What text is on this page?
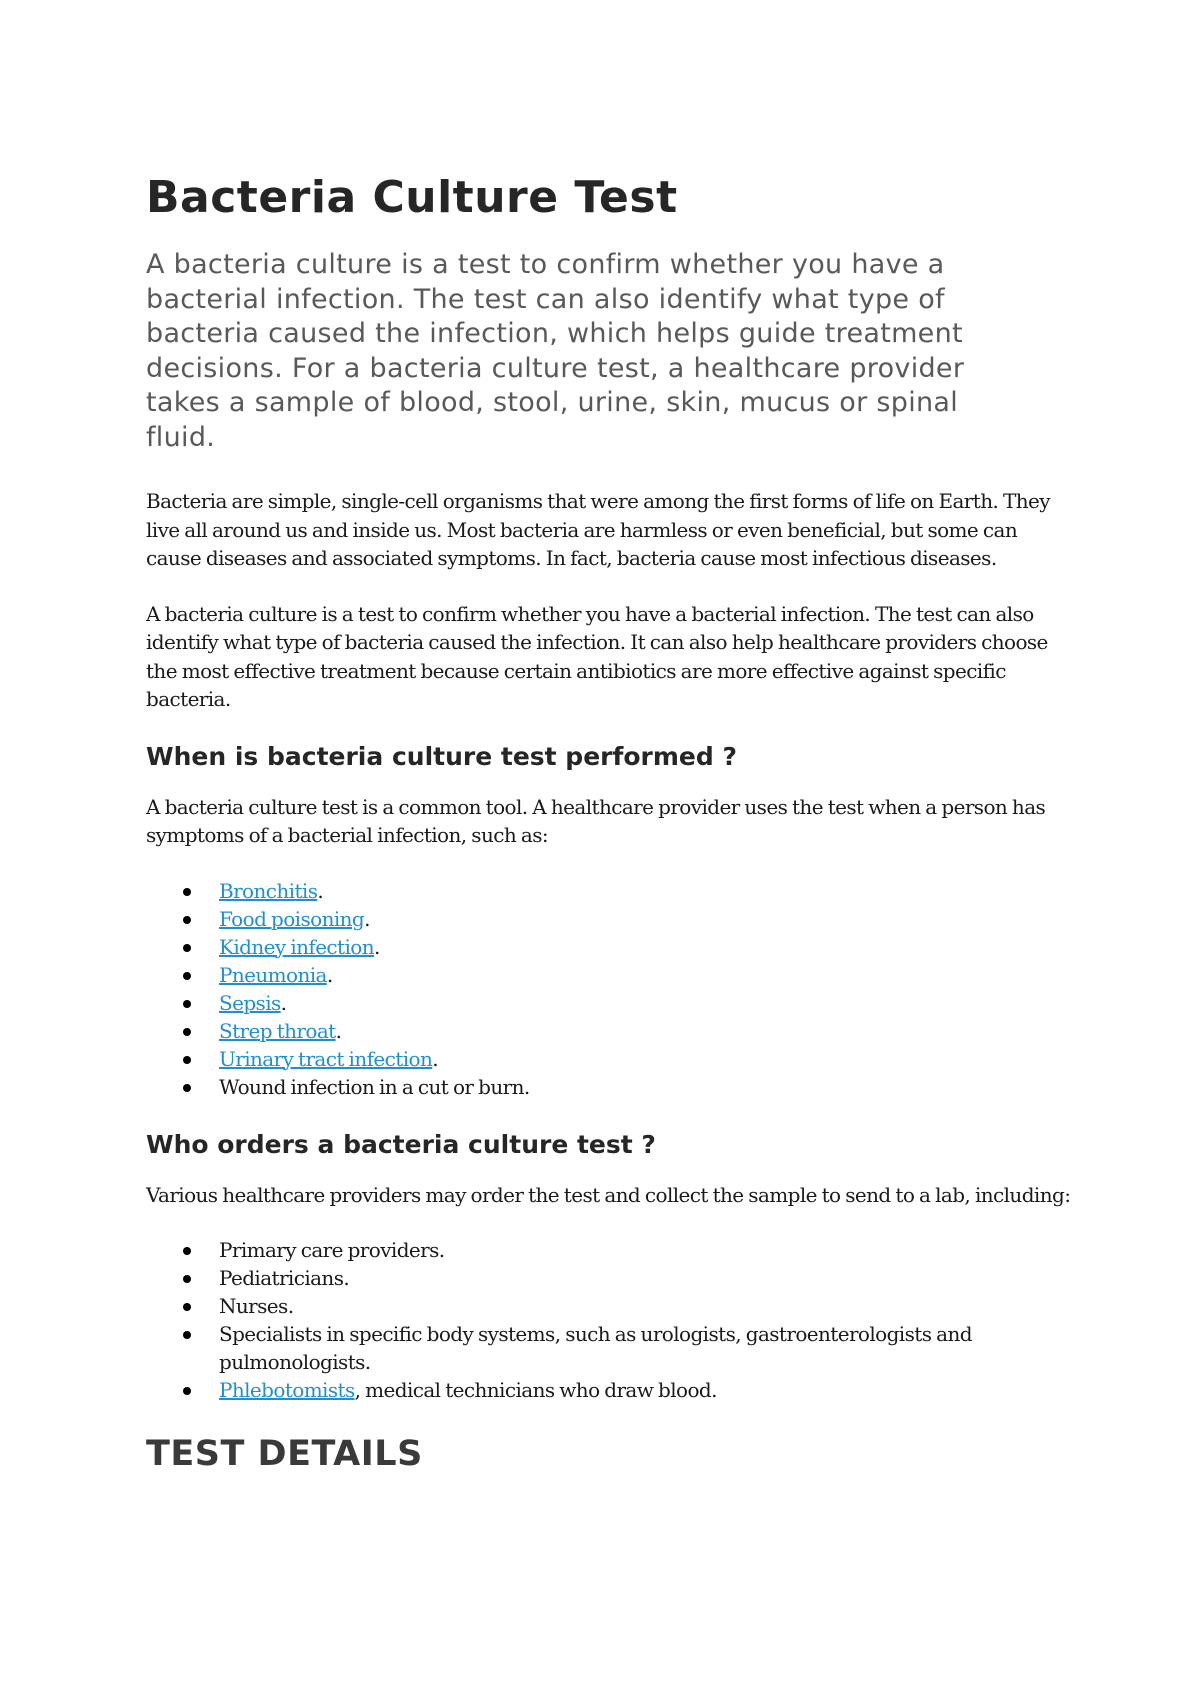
Bacteria Culture Test

A bacteria culture is a test to confirm whether you have a bacterial infection. The test can also identify what type of bacteria caused the infection, which helps guide treatment decisions. For a bacteria culture test, a healthcare provider takes a sample of blood, stool, urine, skin, mucus or spinal fluid.

Bacteria are simple, single-cell organisms that were among the first forms of life on Earth. They live all around us and inside us. Most bacteria are harmless or even beneficial, but some can cause diseases and associated symptoms. In fact, bacteria cause most infectious diseases.

A bacteria culture is a test to confirm whether you have a bacterial infection. The test can also identify what type of bacteria caused the infection. It can also help healthcare providers choose the most effective treatment because certain antibiotics are more effective against specific bacteria.

When is bacteria culture test performed ?

A bacteria culture test is a common tool. A healthcare provider uses the test when a person has symptoms of a bacterial infection, such as:

Bronchitis.
Food poisoning.
Kidney infection.
Pneumonia.
Sepsis.
Strep throat.
Urinary tract infection.
Wound infection in a cut or burn.
Who orders a bacteria culture test ?

Various healthcare providers may order the test and collect the sample to send to a lab, including:

Primary care providers.
Pediatricians.
Nurses.
Specialists in specific body systems, such as urologists, gastroenterologists and pulmonologists.
Phlebotomists, medical technicians who draw blood.
TEST DETAILS
